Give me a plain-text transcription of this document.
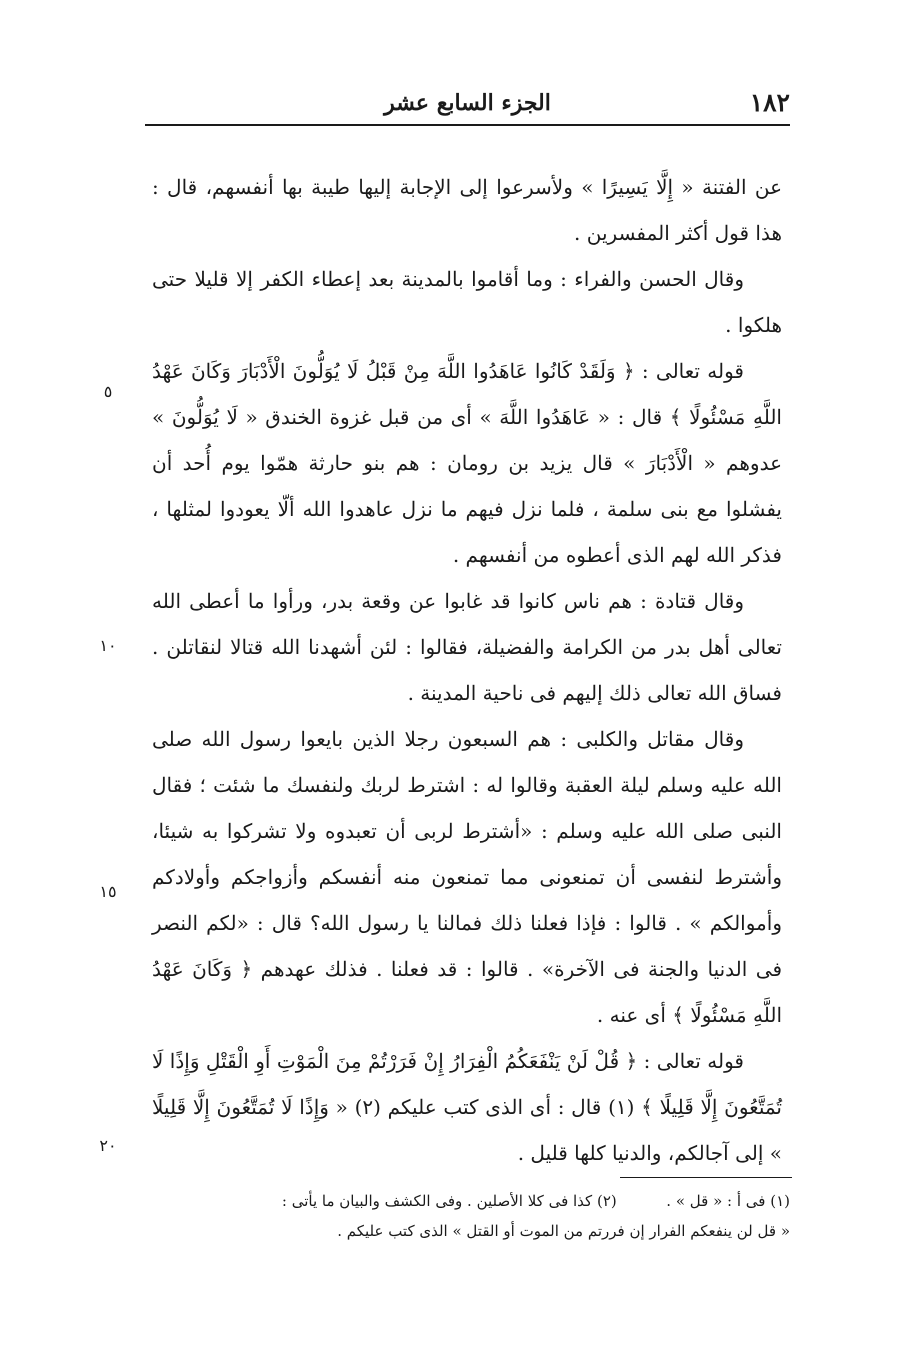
١٨٢
الجزء السابع عشر

عن الفتنة « إِلَّا يَسِيرًا » ولأسرعوا إلى الإجابة إليها طيبة بها أنفسهم، قال : هذا قول أكثر المفسرين .

وقال الحسن والفراء : وما أقاموا بالمدينة بعد إعطاء الكفر إلا قليلا حتى هلكوا .

قوله تعالى : ﴿ وَلَقَدْ كَانُوا عَاهَدُوا اللَّهَ مِنْ قَبْلُ لَا يُوَلُّونَ الْأَدْبَارَ وَكَانَ عَهْدُ اللَّهِ مَسْئُولًا ﴾ قال : « عَاهَدُوا اللَّهَ » أى من قبل غزوة الخندق « لَا يُوَلُّونَ » عدوهم « الْأَدْبَارَ » قال يزيد بن رومان : هم بنو حارثة همّوا يوم أُحد أن يفشلوا مع بنى سلمة ، فلما نزل فيهم ما نزل عاهدوا الله ألّا يعودوا لمثلها ، فذكر الله لهم الذى أعطوه من أنفسهم .

وقال قتادة : هم ناس كانوا قد غابوا عن وقعة بدر، ورأوا ما أعطى الله تعالى أهل بدر من الكرامة والفضيلة، فقالوا : لئن أشهدنا الله قتالا لنقاتلن . فساق الله تعالى ذلك إليهم فى ناحية المدينة .

وقال مقاتل والكلبى : هم السبعون رجلا الذين بايعوا رسول الله صلى الله عليه وسلم ليلة العقبة وقالوا له : اشترط لربك ولنفسك ما شئت ؛ فقال النبى صلى الله عليه وسلم : «أشترط لربى أن تعبدوه ولا تشركوا به شيئا، وأشترط لنفسى أن تمنعونى مما تمنعون منه أنفسكم وأزواجكم وأولادكم وأموالكم » . قالوا : فإذا فعلنا ذلك فمالنا يا رسول الله؟ قال : «لكم النصر فى الدنيا والجنة فى الآخرة» . قالوا : قد فعلنا . فذلك عهدهم ﴿ وَكَانَ عَهْدُ اللَّهِ مَسْئُولًا ﴾ أى عنه .

قوله تعالى : ﴿ قُلْ لَنْ يَنْفَعَكُمُ الْفِرَارُ إِنْ فَرَرْتُمْ مِنَ الْمَوْتِ أَوِ الْقَتْلِ وَإِذًا لَا تُمَتَّعُونَ إِلَّا قَلِيلًا ﴾ (١) قال : أى الذى كتب عليكم (٢) « وَإِذًا لَا تُمَتَّعُونَ إِلَّا قَلِيلًا » إلى آجالكم، والدنيا كلها قليل .

٥
١٠
١٥
٢٠
(١) فى أ : « قل » .  (٢) كذا فى كلا الأصلين . وفى الكشف والبيان ما يأتى :
« قل لن ينفعكم الفرار إن فررتم من الموت أو القتل » الذى كتب عليكم .
